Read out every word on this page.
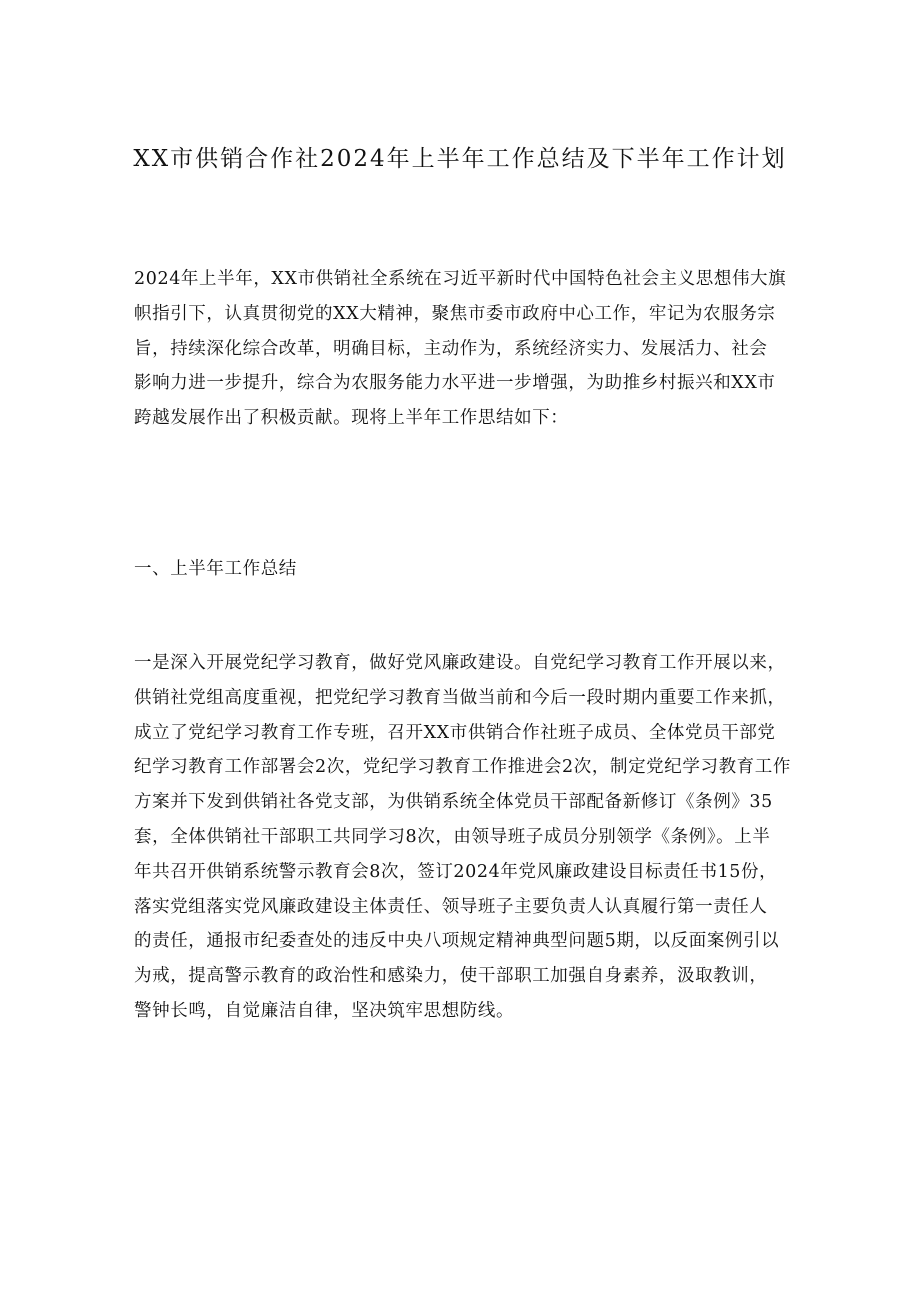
XX市供销合作社2024年上半年工作总结及下半年工作计划

2024年上半年，XX市供销社全系统在习近平新时代中国特色社会主义思想伟大旗
帜指引下，认真贯彻党的XX大精神，聚焦市委市政府中心工作，牢记为农服务宗
旨，持续深化综合改革，明确目标，主动作为，系统经济实力、发展活力、社会
影响力进一步提升，综合为农服务能力水平进一步增强，为助推乡村振兴和XX市
跨越发展作出了积极贡献。现将上半年工作思结如下：

一、上半年工作总结

一是深入开展党纪学习教育，做好党风廉政建设。自党纪学习教育工作开展以来，
供销社党组高度重视，把党纪学习教育当做当前和今后一段时期内重要工作来抓，
成立了党纪学习教育工作专班，召开XX市供销合作社班子成员、全体党员干部党
纪学习教育工作部署会2次，党纪学习教育工作推进会2次，制定党纪学习教育工作
方案并下发到供销社各党支部，为供销系统全体党员干部配备新修订《条例》35
套，全体供销社干部职工共同学习8次，由领导班子成员分别领学《条例》。上半
年共召开供销系统警示教育会8次，签订2024年党风廉政建设目标责任书15份，
落实党组落实党风廉政建设主体责任、领导班子主要负责人认真履行第一责任人
的责任，通报市纪委查处的违反中央八项规定精神典型问题5期，以反面案例引以
为戒，提高警示教育的政治性和感染力，使干部职工加强自身素养，汲取教训，
警钟长鸣，自觉廉洁自律，坚决筑牢思想防线。
